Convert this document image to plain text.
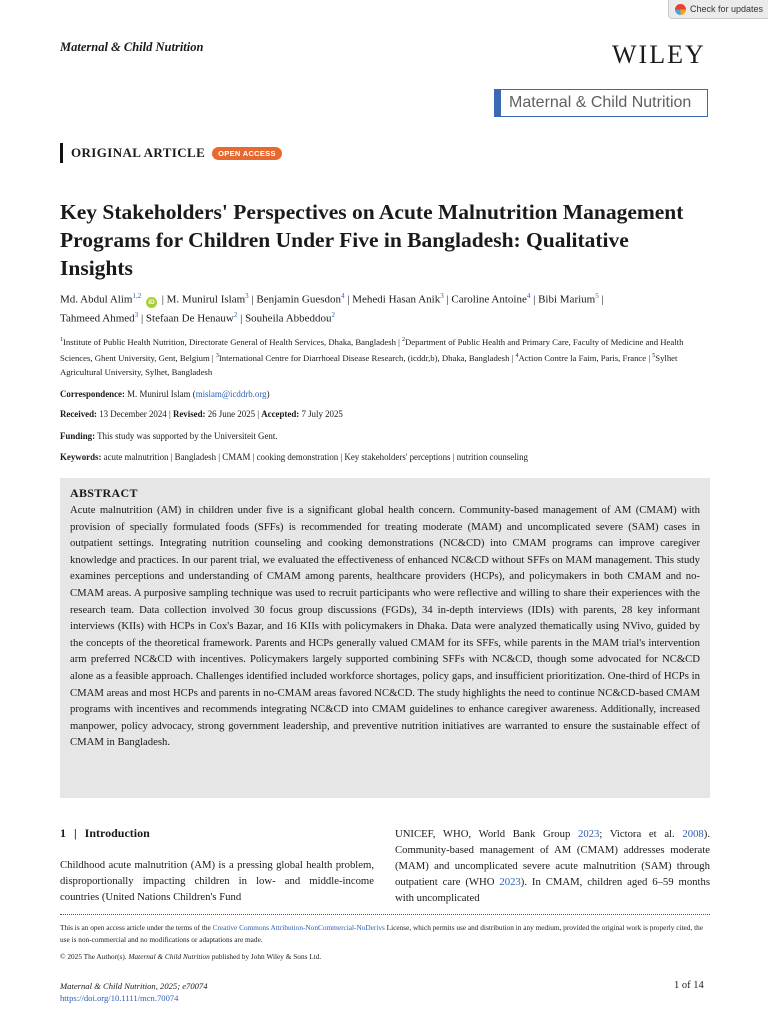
Check for updates
Maternal & Child Nutrition	WILEY
Maternal & Child Nutrition
ORIGINAL ARTICLE	OPEN ACCESS
Key Stakeholders' Perspectives on Acute Malnutrition Management Programs for Children Under Five in Bangladesh: Qualitative Insights
Md. Abdul Alim$^{1,2}$ iD | M. Munirul Islam$^3$ | Benjamin Guesdon$^4$ | Mehedi Hasan Anik$^3$ | Caroline Antoine$^4$ | Bibi Marium$^5$ |
Tahmeed Ahmed$^3$ | Stefaan De Henauw$^2$ | Souheila Abbeddou$^2$
$^1$Institute of Public Health Nutrition, Directorate General of Health Services, Dhaka, Bangladesh | $^2$Department of Public Health and Primary Care, Faculty of Medicine and Health Sciences, Ghent University, Gent, Belgium | $^3$International Centre for Diarrhoeal Disease Research, (icddr,b), Dhaka, Bangladesh | $^4$Action Contre la Faim, Paris, France | $^5$Sylhet Agricultural University, Sylhet, Bangladesh
Correspondence: M. Munirul Islam (mislam@icddrb.org)
Received: 13 December 2024 | Revised: 26 June 2025 | Accepted: 7 July 2025
Funding: This study was supported by the Universiteit Gent.
Keywords: acute malnutrition | Bangladesh | CMAM | cooking demonstration | Key stakeholders' perceptions | nutrition counseling
ABSTRACT
Acute malnutrition (AM) in children under five is a significant global health concern. Community-based management of AM (CMAM) with provision of specially formulated foods (SFFs) is recommended for treating moderate (MAM) and uncomplicated severe (SAM) cases in outpatient settings. Integrating nutrition counseling and cooking demonstrations (NC&CD) into CMAM programs can improve caregiver knowledge and practices. In our parent trial, we evaluated the effectiveness of enhanced NC&CD without SFFs on MAM management. This study examines perceptions and understanding of CMAM among parents, healthcare providers (HCPs), and policymakers in both CMAM and no-CMAM areas. A purposive sampling technique was used to recruit participants who were reflective and willing to share their experiences with the research team. Data collection involved 30 focus group discussions (FGDs), 34 in-depth interviews (IDIs) with parents, 28 key informant interviews (KIIs) with HCPs in Cox's Bazar, and 16 KIIs with policymakers in Dhaka. Data were analyzed thematically using NVivo, guided by the concepts of the theoretical framework. Parents and HCPs generally valued CMAM for its SFFs, while parents in the MAM trial's intervention arm preferred NC&CD with incentives. Policymakers largely supported combining SFFs with NC&CD, though some advocated for NC&CD alone as a feasible approach. Challenges identified included workforce shortages, policy gaps, and insufficient prioritization. One-third of HCPs in CMAM areas and most HCPs and parents in no-CMAM areas favored NC&CD. The study highlights the need to continue NC&CD-based CMAM programs with incentives and recommends integrating NC&CD into CMAM guidelines to enhance caregiver awareness. Additionally, increased manpower, policy advocacy, strong government leadership, and preventive nutrition initiatives are warranted to ensure the sustainable effect of CMAM in Bangladesh.
1 | Introduction
Childhood acute malnutrition (AM) is a pressing global health problem, disproportionally impacting children in low- and middle-income countries (United Nations Children's Fund
UNICEF, WHO, World Bank Group 2023; Victora et al. 2008). Community-based management of AM (CMAM) addresses moderate (MAM) and uncomplicated severe acute malnutrition (SAM) through outpatient care (WHO 2023). In CMAM, children aged 6–59 months with uncomplicated
This is an open access article under the terms of the Creative Commons Attribution-NonCommercial-NoDerivs License, which permits use and distribution in any medium, provided the original work is properly cited, the use is non-commercial and no modifications or adaptations are made.
© 2025 The Author(s). Maternal & Child Nutrition published by John Wiley & Sons Ltd.
Maternal & Child Nutrition, 2025; e70074
https://doi.org/10.1111/mcn.70074
1 of 14
